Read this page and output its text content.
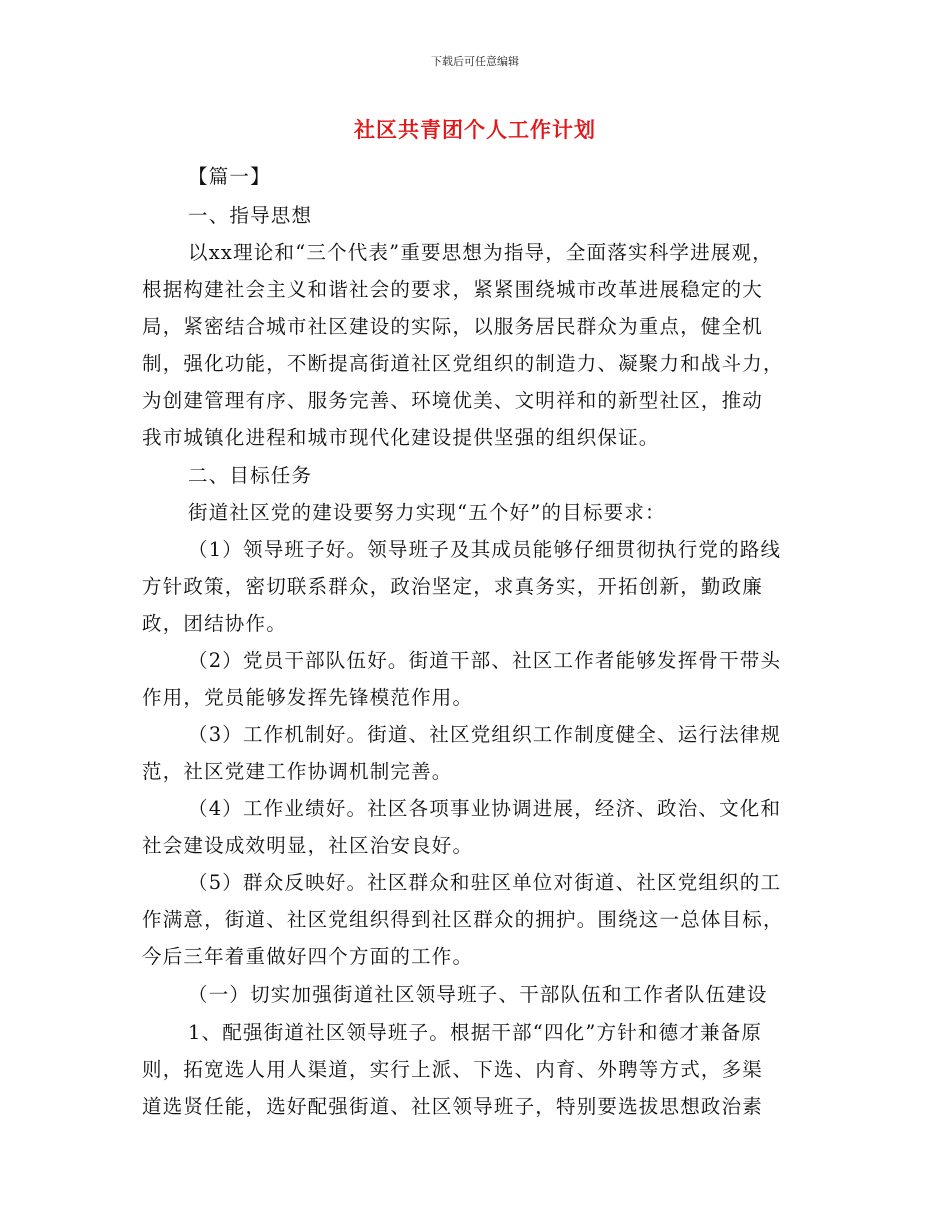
下载后可任意编辑
社区共青团个人工作计划
【篇一】
一、指导思想
以xx理论和“三个代表”重要思想为指导，全面落实科学进展观，
根据构建社会主义和谐社会的要求，紧紧围绕城市改革进展稳定的大
局，紧密结合城市社区建设的实际，以服务居民群众为重点，健全机
制，强化功能，不断提高街道社区党组织的制造力、凝聚力和战斗力，
为创建管理有序、服务完善、环境优美、文明祥和的新型社区，推动
我市城镇化进程和城市现代化建设提供坚强的组织保证。
二、目标任务
街道社区党的建设要努力实现“五个好”的目标要求：
（1）领导班子好。领导班子及其成员能够仔细贯彻执行党的路线
方针政策，密切联系群众，政治坚定，求真务实，开拓创新，勤政廉
政，团结协作。
（2）党员干部队伍好。街道干部、社区工作者能够发挥骨干带头
作用，党员能够发挥先锋模范作用。
（3）工作机制好。街道、社区党组织工作制度健全、运行法律规
范，社区党建工作协调机制完善。
（4）工作业绩好。社区各项事业协调进展，经济、政治、文化和
社会建设成效明显，社区治安良好。
（5）群众反映好。社区群众和驻区单位对街道、社区党组织的工
作满意，街道、社区党组织得到社区群众的拥护。围绕这一总体目标，
今后三年着重做好四个方面的工作。
（一）切实加强街道社区领导班子、干部队伍和工作者队伍建设
1、配强街道社区领导班子。根据干部“四化”方针和德才兼备原
则，拓宽选人用人渠道，实行上派、下选、内育、外聘等方式，多渠
道选贤任能，选好配强街道、社区领导班子，特别要选拔思想政治素
